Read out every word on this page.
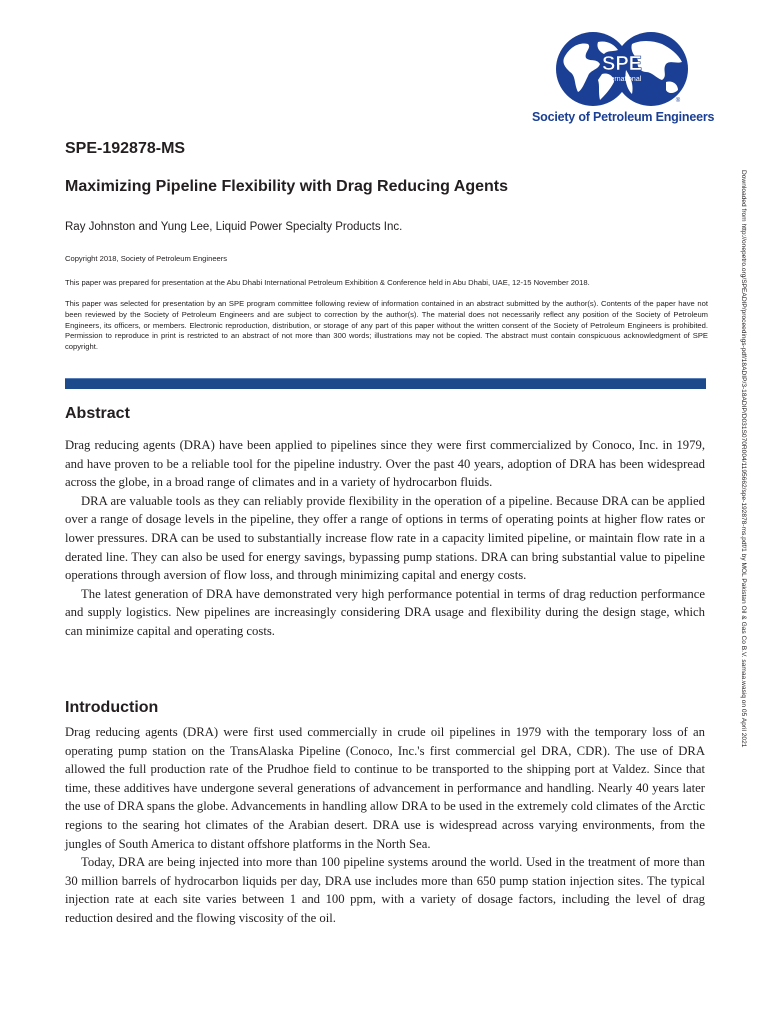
SPE
International
®
Society of Petroleum Engineers
SPE-192878-MS
Maximizing Pipeline Flexibility with Drag Reducing Agents

Ray Johnston and Yung Lee, Liquid Power Specialty Products Inc.

Copyright 2018, Society of Petroleum Engineers

This paper was prepared for presentation at the Abu Dhabi International Petroleum Exhibition & Conference held in Abu Dhabi, UAE, 12-15 November 2018.

This paper was selected for presentation by an SPE program committee following review of information contained in an abstract submitted by the author(s). Contents of the paper have not been reviewed by the Society of Petroleum Engineers and are subject to correction by the author(s). The material does not necessarily reflect any position of the Society of Petroleum Engineers, its officers, or members. Electronic reproduction, distribution, or storage of any part of this paper without the written consent of the Society of Petroleum Engineers is prohibited. Permission to reproduce in print is restricted to an abstract of not more than 300 words; illustrations may not be copied. The abstract must contain conspicuous acknowledgment of SPE copyright.

Abstract

Drag reducing agents (DRA) have been applied to pipelines since they were first commercialized by Conoco, Inc. in 1979, and have proven to be a reliable tool for the pipeline industry. Over the past 40 years, adoption of DRA has been widespread across the globe, in a broad range of climates and in a variety of hydrocarbon fluids.

DRA are valuable tools as they can reliably provide flexibility in the operation of a pipeline. Because DRA can be applied over a range of dosage levels in the pipeline, they offer a range of options in terms of operating points at higher flow rates or lower pressures. DRA can be used to substantially increase flow rate in a capacity limited pipeline, or maintain flow rate in a derated line. They can also be used for energy savings, bypassing pump stations. DRA can bring substantial value to pipeline operations through aversion of flow loss, and through minimizing capital and energy costs.

The latest generation of DRA have demonstrated very high performance potential in terms of drag reduction performance and supply logistics. New pipelines are increasingly considering DRA usage and flexibility during the design stage, which can minimize capital and operating costs.

Introduction

Drag reducing agents (DRA) were first used commercially in crude oil pipelines in 1979 with the temporary loss of an operating pump station on the TransAlaska Pipeline (Conoco, Inc.'s first commercial gel DRA, CDR). The use of DRA allowed the full production rate of the Prudhoe field to continue to be transported to the shipping port at Valdez. Since that time, these additives have undergone several generations of advancement in performance and handling. Nearly 40 years later the use of DRA spans the globe. Advancements in handling allow DRA to be used in the extremely cold climates of the Arctic regions to the searing hot climates of the Arabian desert. DRA use is widespread across varying environments, from the jungles of South America to distant offshore platforms in the North Sea.

Today, DRA are being injected into more than 100 pipeline systems around the world. Used in the treatment of more than 30 million barrels of hydrocarbon liquids per day, DRA use includes more than 650 pump station injection sites. The typical injection rate at each site varies between 1 and 100 ppm, with a variety of dosage factors, including the level of drag reduction desired and the flowing viscosity of the oil.

Downloaded from http://onepetro.org/SPEADIP/proceedings-pdf/18ADIP/3-18ADIP/D031S070R004/1195662/spe-192878-ms.pdf/1 by MOL Pakistan Oil & Gas Co B.V. samaa.wasiq on 05 April 2021
